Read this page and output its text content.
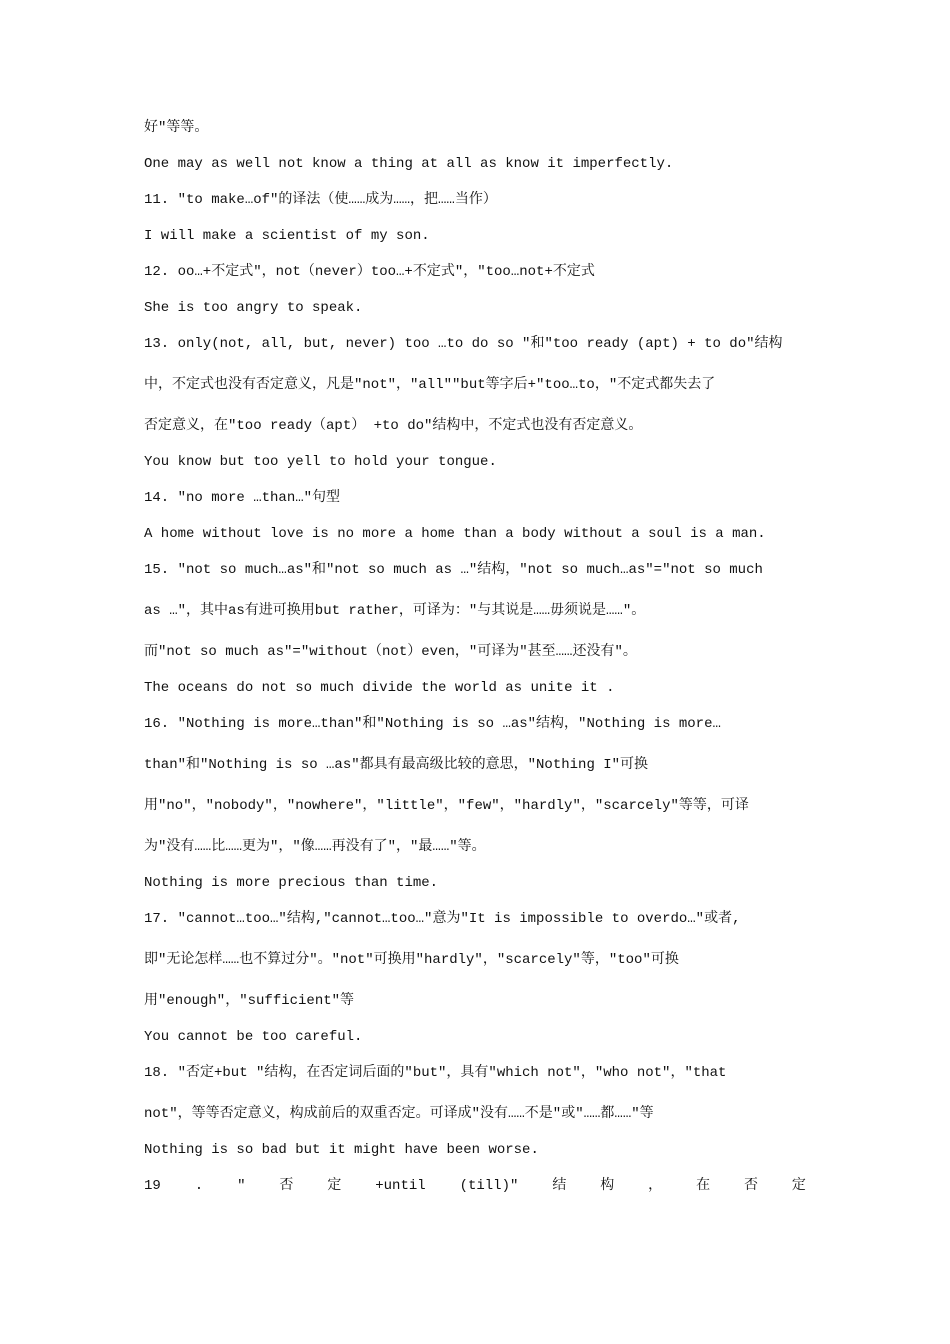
好"等等。

One may as well not know a thing at all as know it imperfectly.

11. "to make…of"的译法（使……成为……，把……当作）

I will make a scientist of my son.

12. oo…+不定式"，not（never）too…+不定式"，"too…not+不定式

She is too angry to speak.

13. only(not, all, but, never) too …to do so "和"too ready (apt) + to do"结构

中，不定式也没有否定意义，凡是"not"，"all""but等字后+"too…to，"不定式都失去了

否定意义，在"too ready（apt） +to do"结构中，不定式也没有否定意义。

You know but too yell to hold your tongue.

14. "no more …than…"句型

A home without love is no more a home than a body without a soul is a man.

15. "not so much…as"和"not so much as …"结构，"not so much…as"="not so much

as …"，其中as有进可换用but rather，可译为："与其说是……毋须说是……"。

而"not so much as"="without（not）even，"可译为"甚至……还没有"。

The oceans do not so much divide the world as unite it .

16. "Nothing is more…than"和"Nothing is so …as"结构，"Nothing is more…

than"和"Nothing is so …as"都具有最高级比较的意思，"Nothing I"可换

用"no"，"nobody"，"nowhere"，"little"，"few"，"hardly"，"scarcely"等等，可译

为"没有……比……更为"，"像……再没有了"，"最……"等。

Nothing is more precious than time.

17. "cannot…too…"结构,"cannot…too…"意为"It is impossible to overdo…"或者,

即"无论怎样……也不算过分"。"not"可换用"hardly"，"scarcely"等，"too"可换

用"enough"，"sufficient"等

You cannot be too careful.

18. "否定+but "结构，在否定词后面的"but"，具有"which not"，"who not"，"that

not"，等等否定意义，构成前后的双重否定。可译成"没有……不是"或"……都……"等

Nothing is so bad but it might have been worse.

19 . " 否 定 +until (till)" 结 构 ， 在 否 定
